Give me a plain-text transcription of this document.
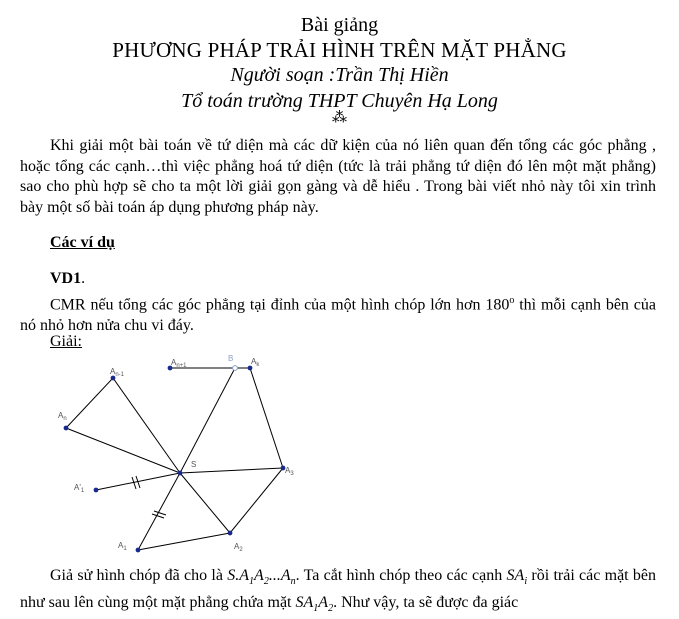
Bài giảng
PHƯƠNG PHÁP TRẢI HÌNH TRÊN MẶT PHẲNG
Người soạn :Trần Thị Hiền
Tổ toán trường THPT Chuyên Hạ Long
⁂
Khi giải một bài toán về tứ diện mà các dữ kiện của nó liên quan đến tổng các góc phẳng , hoặc tổng các cạnh…thì việc phẳng hoá tứ diện (tức là trải phẳng tứ diện đó lên một mặt phẳng) sao cho phù hợp sẽ cho ta một lời giải gọn gàng và dễ hiểu . Trong bài viết nhỏ này tôi xin trình bày một số bài toán áp dụng phương pháp này.
Các ví dụ
VD1.
CMR nếu tổng các góc phẳng tại đỉnh của một hình chóp lớn hơn 180$^o$ thì mỗi cạnh bên của nó nhỏ hơn nửa chu vi đáy.
Giải:
An+1
B Ak
An-1
An
S
A3
A'1
A1	A2
Giả sử hình chóp đã cho là $S.A_1A_2...A_n$. Ta cắt hình chóp theo các cạnh $SA_i$ rồi trải các mặt bên như sau lên cùng một mặt phẳng chứa mặt $SA_1A_2$. Như vậy, ta sẽ được đa giác
